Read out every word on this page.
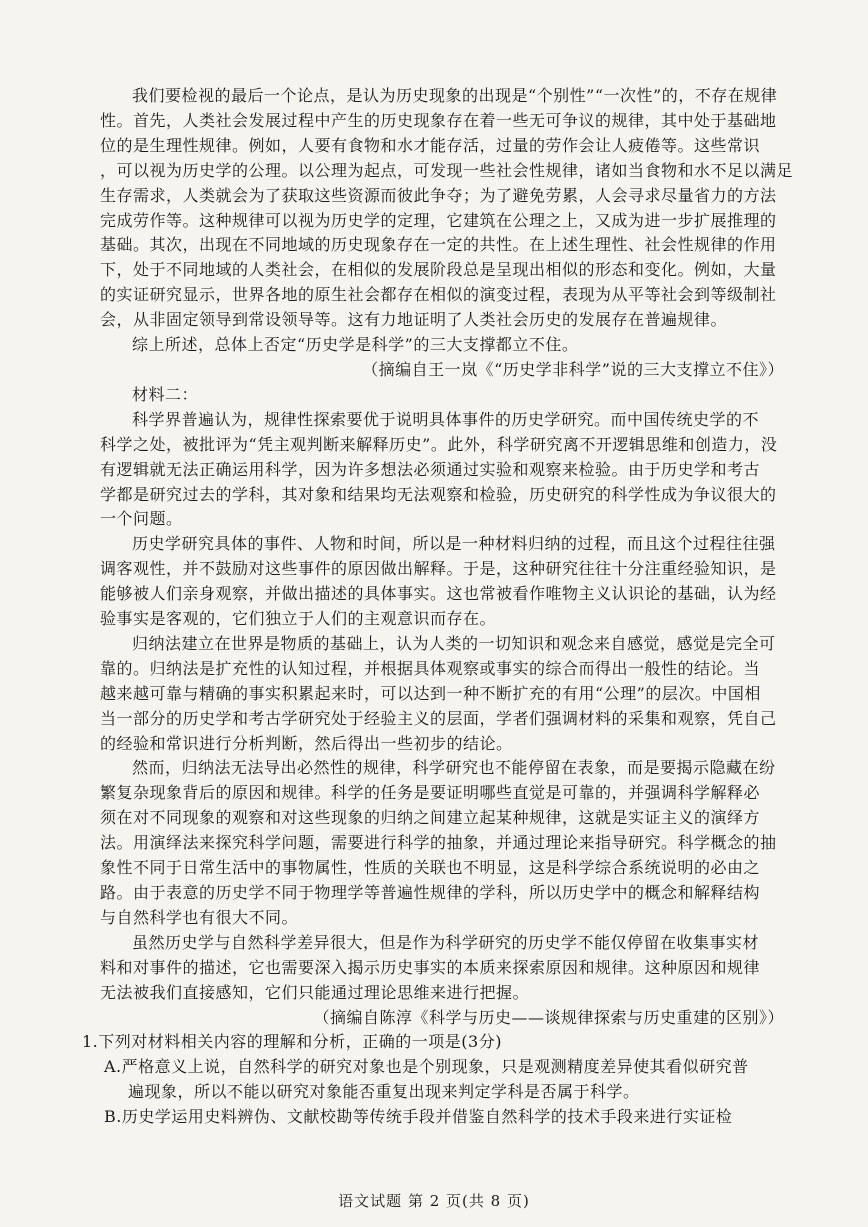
我们要检视的最后一个论点，是认为历史现象的出现是“个别性”“一次性”的，不存在规律

性。首先，人类社会发展过程中产生的历史现象存在着一些无可争议的规律，其中处于基础地

位的是生理性规律。例如，人要有食物和水才能存活，过量的劳作会让人疲倦等。这些常识

，可以视为历史学的公理。以公理为起点，可发现一些社会性规律，诸如当食物和水不足以满足

生存需求，人类就会为了获取这些资源而彼此争夺；为了避免劳累，人会寻求尽量省力的方法

完成劳作等。这种规律可以视为历史学的定理，它建筑在公理之上，又成为进一步扩展推理的

基础。其次，出现在不同地域的历史现象存在一定的共性。在上述生理性、社会性规律的作用

下，处于不同地域的人类社会，在相似的发展阶段总是呈现出相似的形态和变化。例如，大量

的实证研究显示，世界各地的原生社会都存在相似的演变过程，表现为从平等社会到等级制社

会，从非固定领导到常设领导等。这有力地证明了人类社会历史的发展存在普遍规律。

综上所述，总体上否定“历史学是科学”的三大支撑都立不住。

（摘编自王一岚《“历史学非科学”说的三大支撑立不住》）

材料二：

科学界普遍认为，规律性探索要优于说明具体事件的历史学研究。而中国传统史学的不

科学之处，被批评为“凭主观判断来解释历史”。此外，科学研究离不开逻辑思维和创造力，没

有逻辑就无法正确运用科学，因为许多想法必须通过实验和观察来检验。由于历史学和考古

学都是研究过去的学科，其对象和结果均无法观察和检验，历史研究的科学性成为争议很大的

一个问题。

历史学研究具体的事件、人物和时间，所以是一种材料归纳的过程，而且这个过程往往强

调客观性，并不鼓励对这些事件的原因做出解释。于是，这种研究往往十分注重经验知识，是

能够被人们亲身观察，并做出描述的具体事实。这也常被看作唯物主义认识论的基础，认为经

验事实是客观的，它们独立于人们的主观意识而存在。

归纳法建立在世界是物质的基础上，认为人类的一切知识和观念来自感觉，感觉是完全可

靠的。归纳法是扩充性的认知过程，并根据具体观察或事实的综合而得出一般性的结论。当

越来越可靠与精确的事实积累起来时，可以达到一种不断扩充的有用“公理”的层次。中国相

当一部分的历史学和考古学研究处于经验主义的层面，学者们强调材料的采集和观察，凭自己

的经验和常识进行分析判断，然后得出一些初步的结论。

然而，归纳法无法导出必然性的规律，科学研究也不能停留在表象，而是要揭示隐藏在纷

繁复杂现象背后的原因和规律。科学的任务是要证明哪些直觉是可靠的，并强调科学解释必

须在对不同现象的观察和对这些现象的归纳之间建立起某种规律，这就是实证主义的演绎方

法。用演绎法来探究科学问题，需要进行科学的抽象，并通过理论来指导研究。科学概念的抽

象性不同于日常生活中的事物属性，性质的关联也不明显，这是科学综合系统说明的必由之

路。由于表意的历史学不同于物理学等普遍性规律的学科，所以历史学中的概念和解释结构

与自然科学也有很大不同。

虽然历史学与自然科学差异很大，但是作为科学研究的历史学不能仅停留在收集事实材

料和对事件的描述，它也需要深入揭示历史事实的本质来探索原因和规律。这种原因和规律

无法被我们直接感知，它们只能通过理论思维来进行把握。

（摘编自陈淳《科学与历史——谈规律探索与历史重建的区别》）

1.下列对材料相关内容的理解和分析，正确的一项是(3分)

A.严格意义上说，自然科学的研究对象也是个别现象，只是观测精度差异使其看似研究普

遍现象，所以不能以研究对象能否重复出现来判定学科是否属于科学。

B.历史学运用史料辨伪、文献校勘等传统手段并借鉴自然科学的技术手段来进行实证检

语文试题 第 2 页(共 8 页)
